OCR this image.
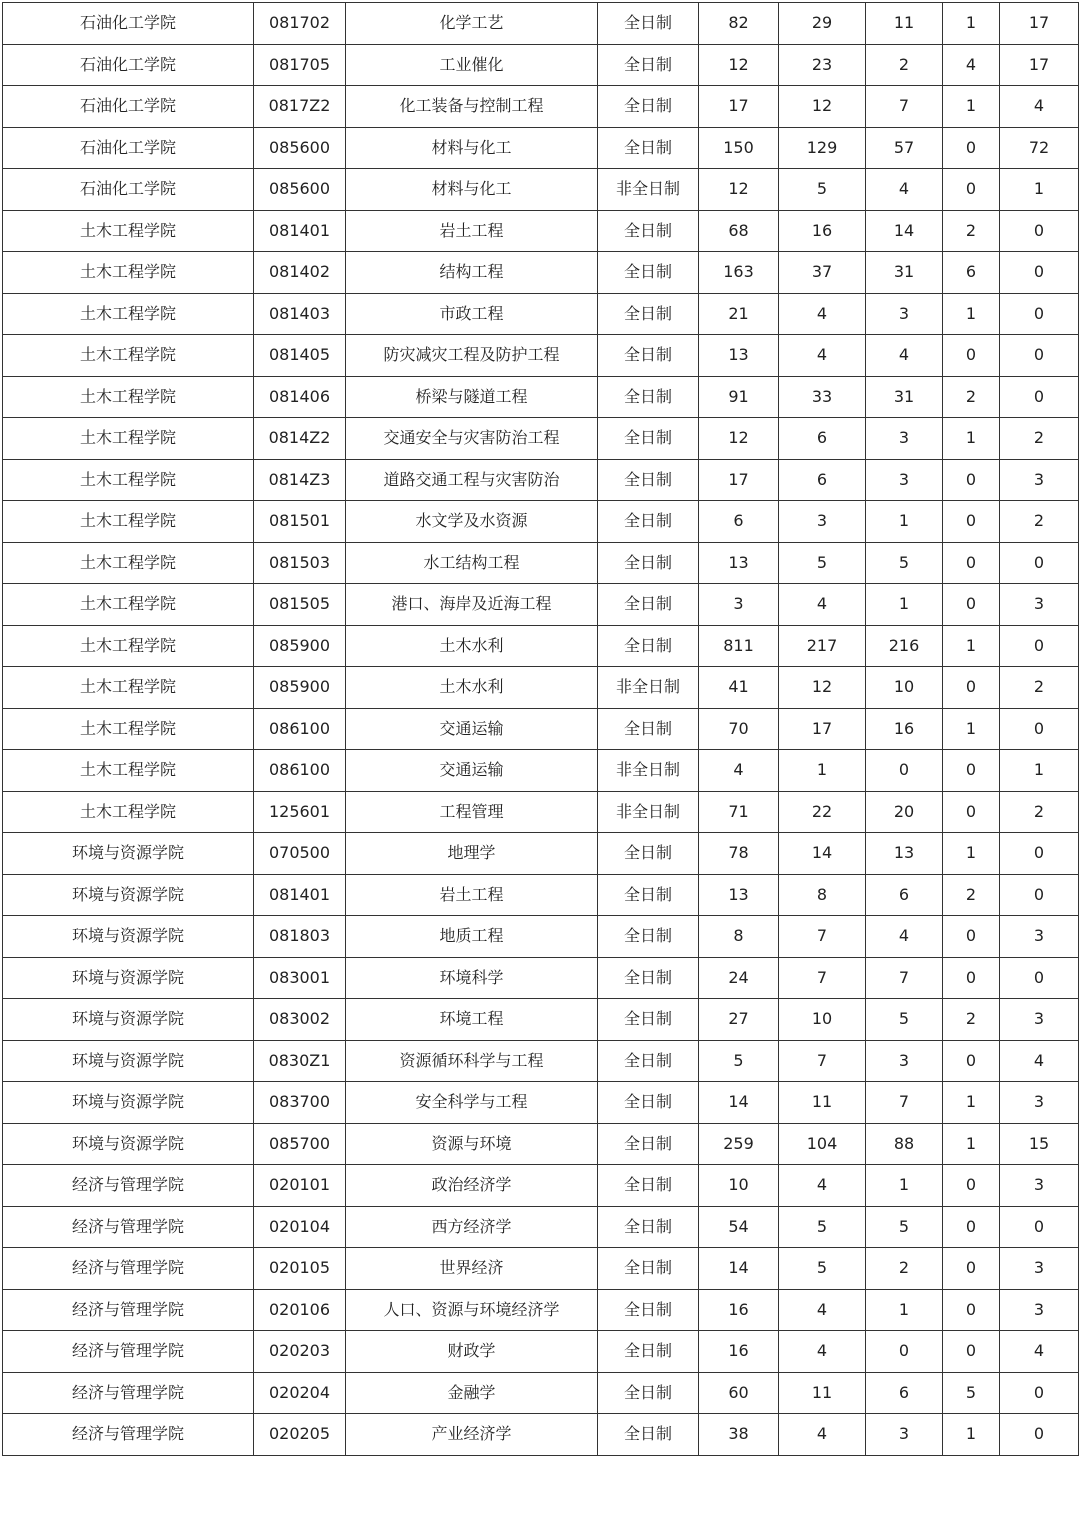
石油化工学院	081702	化学工艺	全日制	82	29	11	1	17
石油化工学院	081705	工业催化	全日制	12	23	2	4	17
石油化工学院	0817Z2	化工装备与控制工程	全日制	17	12	7	1	4
石油化工学院	085600	材料与化工	全日制	150	129	57	0	72
石油化工学院	085600	材料与化工	非全日制	12	5	4	0	1
土木工程学院	081401	岩土工程	全日制	68	16	14	2	0
土木工程学院	081402	结构工程	全日制	163	37	31	6	0
土木工程学院	081403	市政工程	全日制	21	4	3	1	0
土木工程学院	081405	防灾减灾工程及防护工程	全日制	13	4	4	0	0
土木工程学院	081406	桥梁与隧道工程	全日制	91	33	31	2	0
土木工程学院	0814Z2	交通安全与灾害防治工程	全日制	12	6	3	1	2
土木工程学院	0814Z3	道路交通工程与灾害防治	全日制	17	6	3	0	3
土木工程学院	081501	水文学及水资源	全日制	6	3	1	0	2
土木工程学院	081503	水工结构工程	全日制	13	5	5	0	0
土木工程学院	081505	港口、海岸及近海工程	全日制	3	4	1	0	3
土木工程学院	085900	土木水利	全日制	811	217	216	1	0
土木工程学院	085900	土木水利	非全日制	41	12	10	0	2
土木工程学院	086100	交通运输	全日制	70	17	16	1	0
土木工程学院	086100	交通运输	非全日制	4	1	0	0	1
土木工程学院	125601	工程管理	非全日制	71	22	20	0	2
环境与资源学院	070500	地理学	全日制	78	14	13	1	0
环境与资源学院	081401	岩土工程	全日制	13	8	6	2	0
环境与资源学院	081803	地质工程	全日制	8	7	4	0	3
环境与资源学院	083001	环境科学	全日制	24	7	7	0	0
环境与资源学院	083002	环境工程	全日制	27	10	5	2	3
环境与资源学院	0830Z1	资源循环科学与工程	全日制	5	7	3	0	4
环境与资源学院	083700	安全科学与工程	全日制	14	11	7	1	3
环境与资源学院	085700	资源与环境	全日制	259	104	88	1	15
经济与管理学院	020101	政治经济学	全日制	10	4	1	0	3
经济与管理学院	020104	西方经济学	全日制	54	5	5	0	0
经济与管理学院	020105	世界经济	全日制	14	5	2	0	3
经济与管理学院	020106	人口、资源与环境经济学	全日制	16	4	1	0	3
经济与管理学院	020203	财政学	全日制	16	4	0	0	4
经济与管理学院	020204	金融学	全日制	60	11	6	5	0
经济与管理学院	020205	产业经济学	全日制	38	4	3	1	0
